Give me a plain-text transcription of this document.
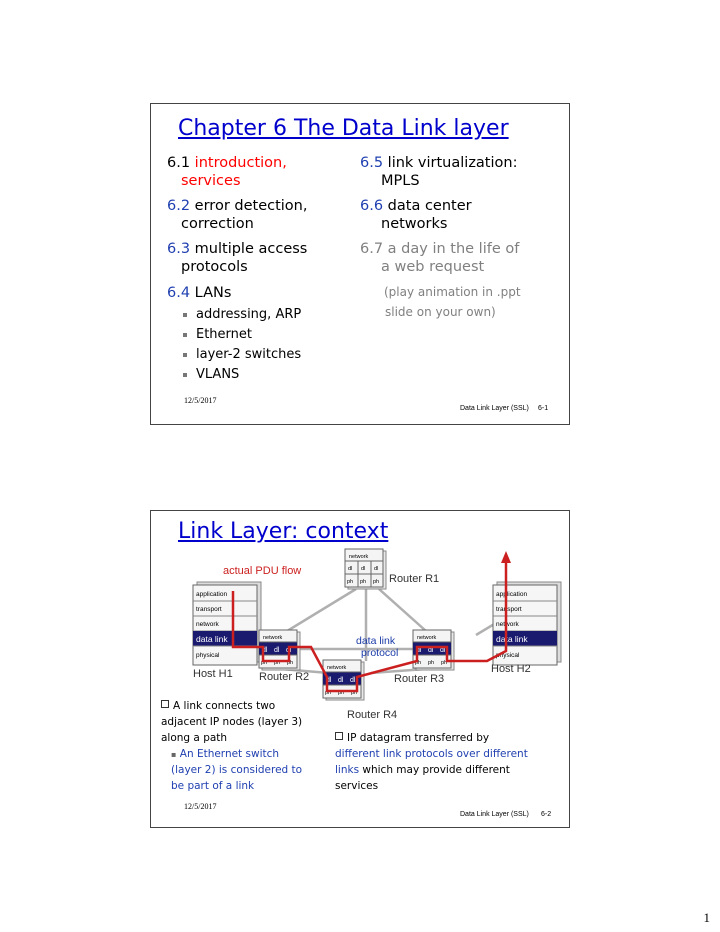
Chapter 6 The Data Link layer
6.1 introduction,
services
6.2 error detection,
correction
6.3 multiple access
protocols
6.4 LANs
addressing, ARP
Ethernet
layer-2 switches
VLANS
6.5 link virtualization:
MPLS
6.6 data center
networks
6.7 a day in the life of
a web request
(play animation in .ppt
slide on your own)
12/5/2017
Data Link Layer (SSL) 6-1
Link Layer: context
network
dl dl dl
ph ph ph Router R1
application
transport
network
data link
physical
Host H1
application
transport
network
data link
physical
Host H2
network
dl dl dl
ph ph ph
Router R2
network
dl dl dl
ph ph ph
Router R3
network
dl dl dl
ph ph ph
Router R4
data link
protocol
actual PDU flow
A link connects two
adjacent IP nodes (layer 3)
along a path
▪ An Ethernet switch
(layer 2) is considered to
be part of a link
IP datagram transferred by
different link protocols over different
links which may provide different
services
12/5/2017
Data Link Layer (SSL) 6-2
1
